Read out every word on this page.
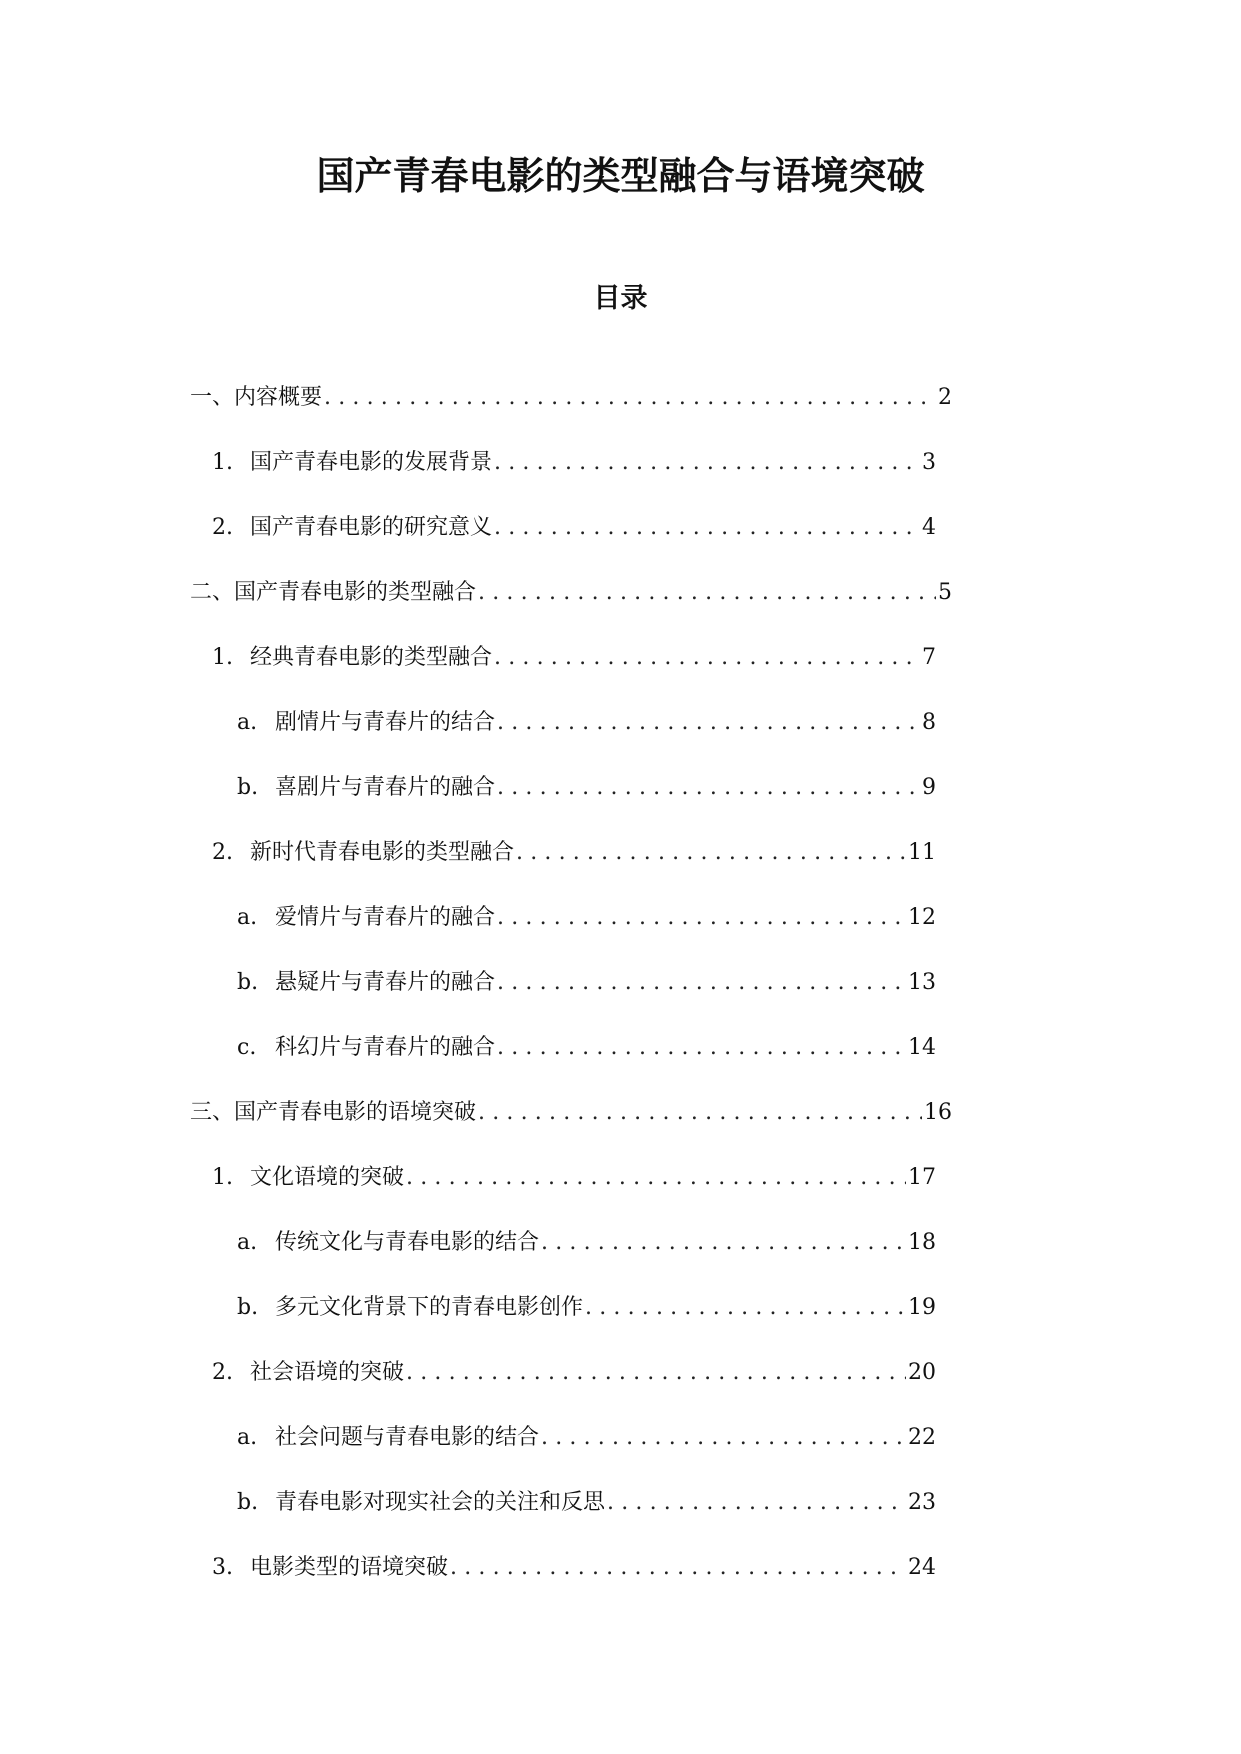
国产青春电影的类型融合与语境突破
目录
一、 内容概要 .....	2
1. 国产青春电影的发展背景 .....	3
2. 国产青春电影的研究意义 .....	4
二、 国产青春电影的类型融合 .....	5
1. 经典青春电影的类型融合 .....	7
a. 剧情片与青春片的结合 .....	8
b. 喜剧片与青春片的融合 .....	9
2. 新时代青春电影的类型融合 .....	11
a. 爱情片与青春片的融合 .....	12
b. 悬疑片与青春片的融合 .....	13
c. 科幻片与青春片的融合 .....	14
三、 国产青春电影的语境突破 .....	16
1. 文化语境的突破 .....	17
a. 传统文化与青春电影的结合 .....	18
b. 多元文化背景下的青春电影创作 .....	19
2. 社会语境的突破 .....	20
a. 社会问题与青春电影的结合 .....	22
b. 青春电影对现实社会的关注和反思 .....	23
3. 电影类型的语境突破 .....	24
